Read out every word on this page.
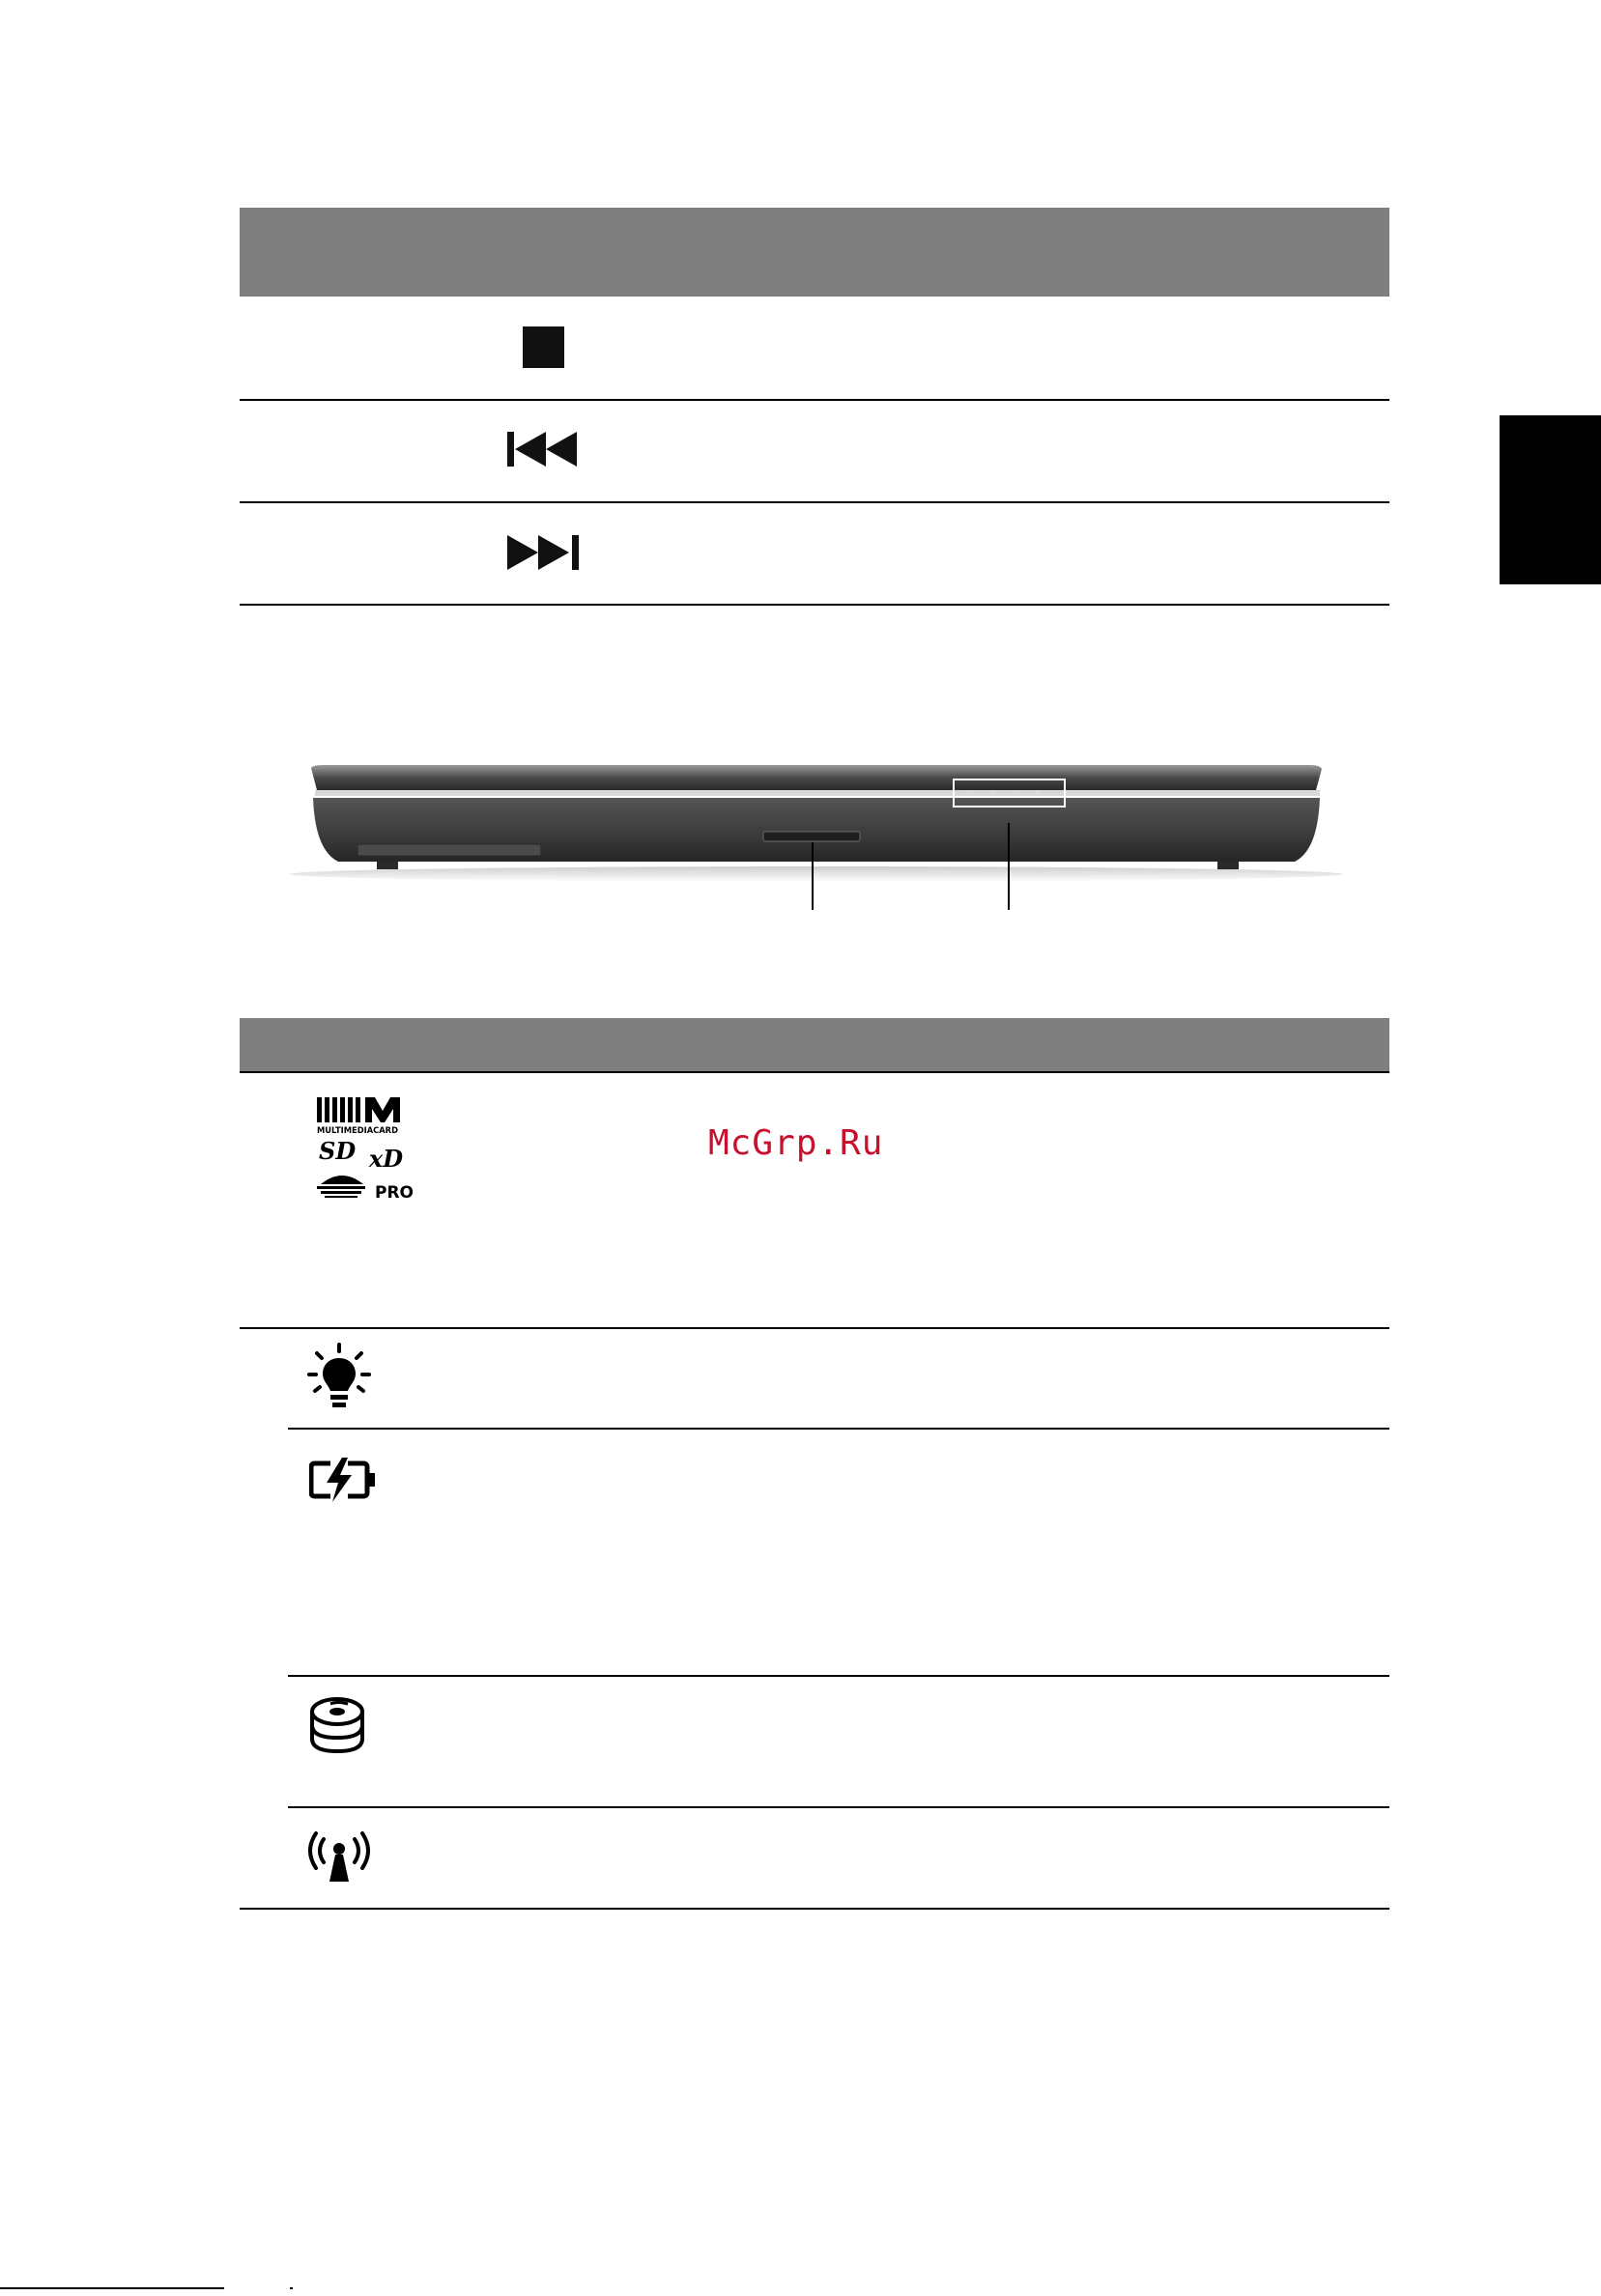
MULTIMEDIACARD
SD xD
PRO
McGrp.Ru
